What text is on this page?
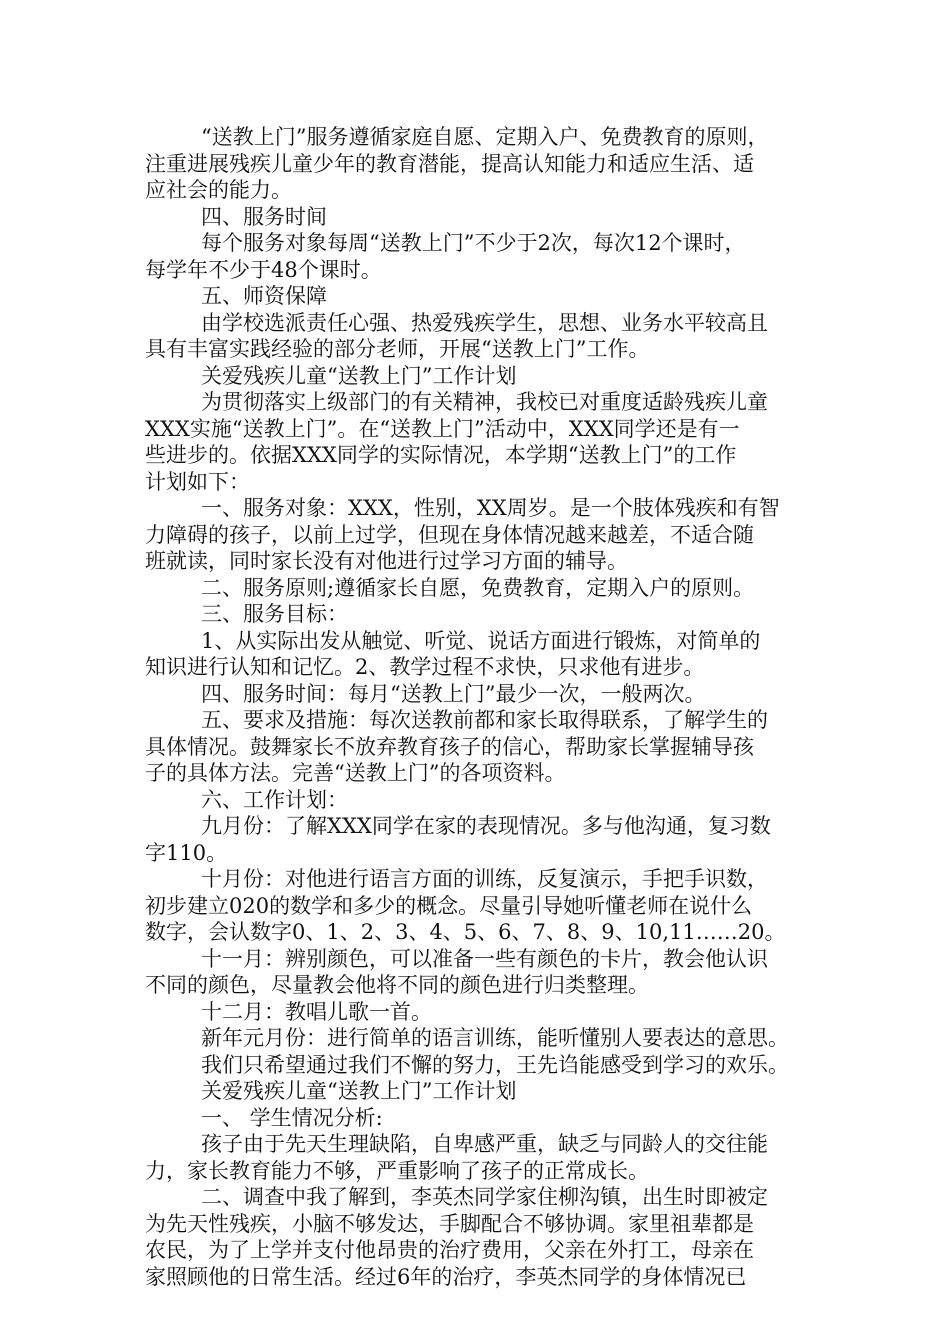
“送教上门”服务遵循家庭自愿、定期入户、免费教育的原则，
注重进展残疾儿童少年的教育潜能，提高认知能力和适应生活、适
应社会的能力。
四、服务时间
每个服务对象每周“送教上门”不少于2次，每次12个课时，
每学年不少于48个课时。
五、师资保障
由学校选派责任心强、热爱残疾学生，思想、业务水平较高且
具有丰富实践经验的部分老师，开展“送教上门”工作。
关爱残疾儿童“送教上门”工作计划
为贯彻落实上级部门的有关精神，我校已对重度适龄残疾儿童
XXX实施“送教上门”。在“送教上门”活动中，XXX同学还是有一
些进步的。依据XXX同学的实际情况，本学期“送教上门”的工作
计划如下：
一、服务对象：XXX，性别，XX周岁。是一个肢体残疾和有智
力障碍的孩子，以前上过学，但现在身体情况越来越差，不适合随
班就读，同时家长没有对他进行过学习方面的辅导。
二、服务原则;遵循家长自愿，免费教育，定期入户的原则。
三、服务目标：
1、从实际出发从触觉、听觉、说话方面进行锻炼，对简单的
知识进行认知和记忆。2、教学过程不求快，只求他有进步。
四、服务时间：每月“送教上门”最少一次，一般两次。
五、要求及措施：每次送教前都和家长取得联系，了解学生的
具体情况。鼓舞家长不放弃教育孩子的信心，帮助家长掌握辅导孩
子的具体方法。完善“送教上门”的各项资料。
六、工作计划：
九月份：了解XXX同学在家的表现情况。多与他沟通，复习数
字110。
十月份：对他进行语言方面的训练，反复演示，手把手识数，
初步建立020的数学和多少的概念。尽量引导她听懂老师在说什么
数字，会认数字0、1、2、3、4、5、6、7、8、9、10,11……20。
十一月：辨别颜色，可以准备一些有颜色的卡片，教会他认识
不同的颜色，尽量教会他将不同的颜色进行归类整理。
十二月：教唱儿歌一首。
新年元月份：进行简单的语言训练，能听懂别人要表达的意思。
我们只希望通过我们不懈的努力，王先诌能感受到学习的欢乐。
关爱残疾儿童“送教上门”工作计划
一、 学生情况分析:
孩子由于先天生理缺陷，自卑感严重，缺乏与同龄人的交往能
力，家长教育能力不够，严重影响了孩子的正常成长。
二、调查中我了解到，李英杰同学家住柳沟镇，出生时即被定
为先天性残疾，小脑不够发达，手脚配合不够协调。家里祖辈都是
农民，为了上学并支付他昂贵的治疗费用，父亲在外打工，母亲在
家照顾他的日常生活。经过6年的治疗，李英杰同学的身体情况已
